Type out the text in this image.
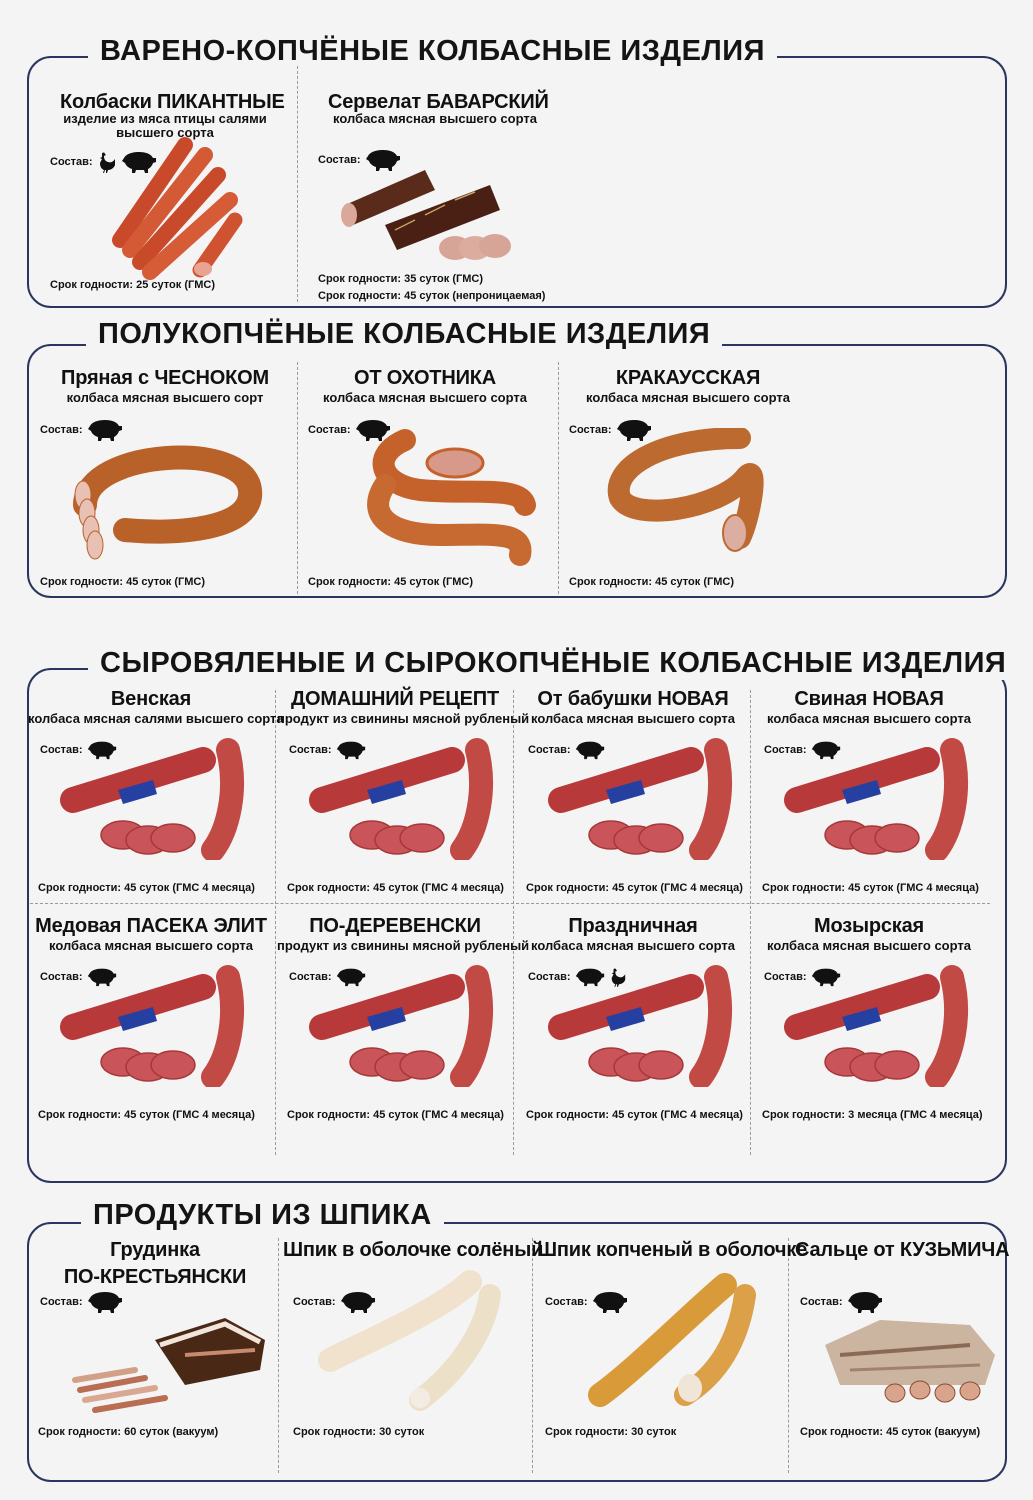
ВАРЕНО-КОПЧЁНЫЕ КОЛБАСНЫЕ ИЗДЕЛИЯ
Колбаски ПИКАНТНЫЕ
изделие из мяса птицы салями высшего сорта
Состав:
Срок годности: 25 суток (ГМС)
Сервелат БАВАРСКИЙ
колбаса мясная высшего сорта
Состав:
Срок годности: 35 суток (ГМС)
Срок годности: 45 суток (непроницаемая)
ПОЛУКОПЧЁНЫЕ КОЛБАСНЫЕ ИЗДЕЛИЯ
Пряная с ЧЕСНОКОМ
колбаса мясная высшего сорт
Состав:
Срок годности: 45 суток (ГМС)
ОТ ОХОТНИКА
колбаса мясная высшего сорта
Состав:
Срок годности: 45 суток (ГМС)
КРАКАУССКАЯ
колбаса мясная высшего сорта
Состав:
Срок годности: 45 суток (ГМС)
СЫРОВЯЛЕНЫЕ И СЫРОКОПЧЁНЫЕ КОЛБАСНЫЕ ИЗДЕЛИЯ
Венская
колбаса мясная салями высшего сорта
Состав:
Срок годности: 45 суток (ГМС 4 месяца)
ДОМАШНИЙ РЕЦЕПТ
продукт из свинины мясной рубленый
Состав:
Срок годности: 45 суток (ГМС 4 месяца)
От бабушки НОВАЯ
колбаса мясная высшего сорта
Состав:
Срок годности: 45 суток (ГМС 4 месяца)
Свиная НОВАЯ
колбаса мясная высшего сорта
Состав:
Срок годности: 45 суток (ГМС 4 месяца)
Медовая ПАСЕКА ЭЛИТ
колбаса мясная высшего сорта
Состав:
Срок годности: 45 суток (ГМС 4 месяца)
ПО-ДЕРЕВЕНСКИ
продукт из свинины мясной рубленый
Состав:
Срок годности: 45 суток (ГМС 4 месяца)
Праздничная
колбаса мясная высшего сорта
Состав:
Срок годности: 45 суток (ГМС 4 месяца)
Мозырская
колбаса мясная высшего сорта
Состав:
Срок годности: 3 месяца (ГМС 4 месяца)
ПРОДУКТЫ ИЗ ШПИКА
Грудинка
ПО-КРЕСТЬЯНСКИ
Состав:
Срок годности: 60 суток (вакуум)
Шпик в оболочке солёный
Состав:
Срок годности: 30 суток
Шпик копченый в оболочке
Состав:
Срок годности: 30 суток
Сальце от КУЗЬМИЧА
Состав:
Срок годности: 45 суток (вакуум)
